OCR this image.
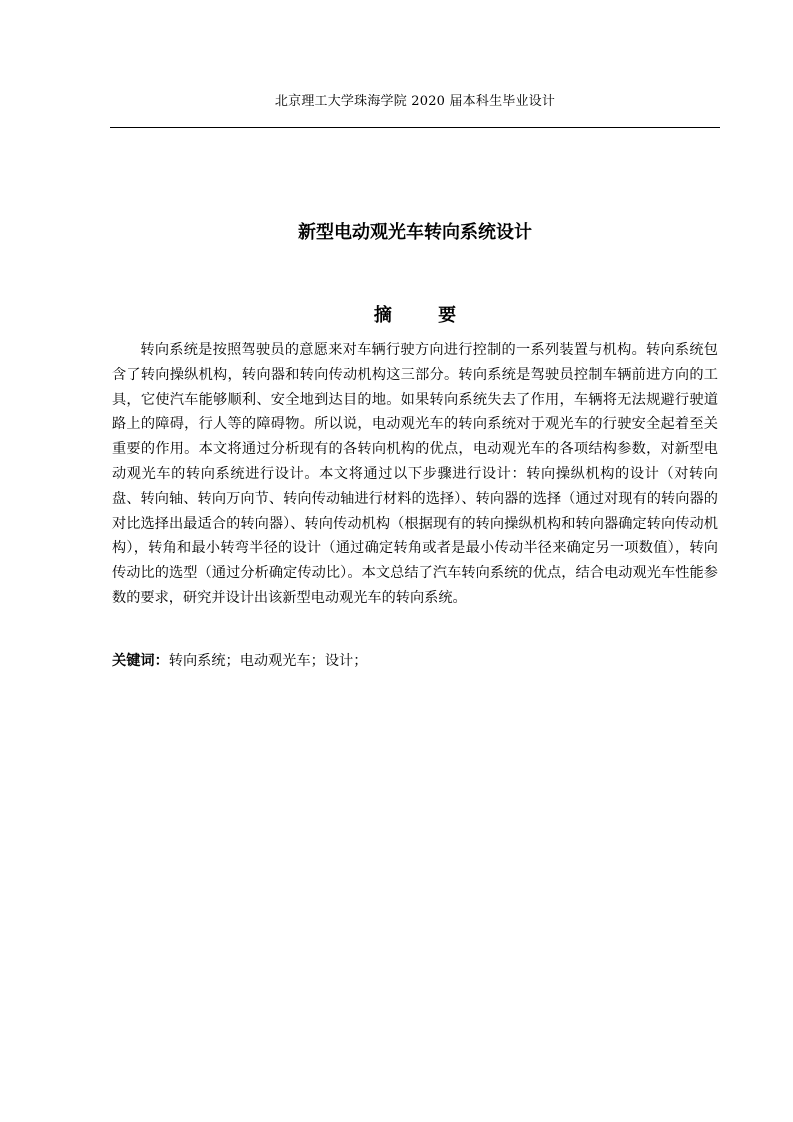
北京理工大学珠海学院 2020 届本科生毕业设计
新型电动观光车转向系统设计
摘 要

转向系统是按照驾驶员的意愿来对车辆行驶方向进行控制的一系列装置与机构。转向系统包含了转向操纵机构，转向器和转向传动机构这三部分。转向系统是驾驶员控制车辆前进方向的工具，它使汽车能够顺利、安全地到达目的地。如果转向系统失去了作用，车辆将无法规避行驶道路上的障碍，行人等的障碍物。所以说，电动观光车的转向系统对于观光车的行驶安全起着至关重要的作用。本文将通过分析现有的各转向机构的优点，电动观光车的各项结构参数，对新型电动观光车的转向系统进行设计。本文将通过以下步骤进行设计：转向操纵机构的设计（对转向盘、转向轴、转向万向节、转向传动轴进行材料的选择）、转向器的选择（通过对现有的转向器的对比选择出最适合的转向器）、转向传动机构（根据现有的转向操纵机构和转向器确定转向传动机构），转角和最小转弯半径的设计（通过确定转角或者是最小传动半径来确定另一项数值），转向传动比的选型（通过分析确定传动比）。本文总结了汽车转向系统的优点，结合电动观光车性能参数的要求，研究并设计出该新型电动观光车的转向系统。

关键词：转向系统；电动观光车；设计；
